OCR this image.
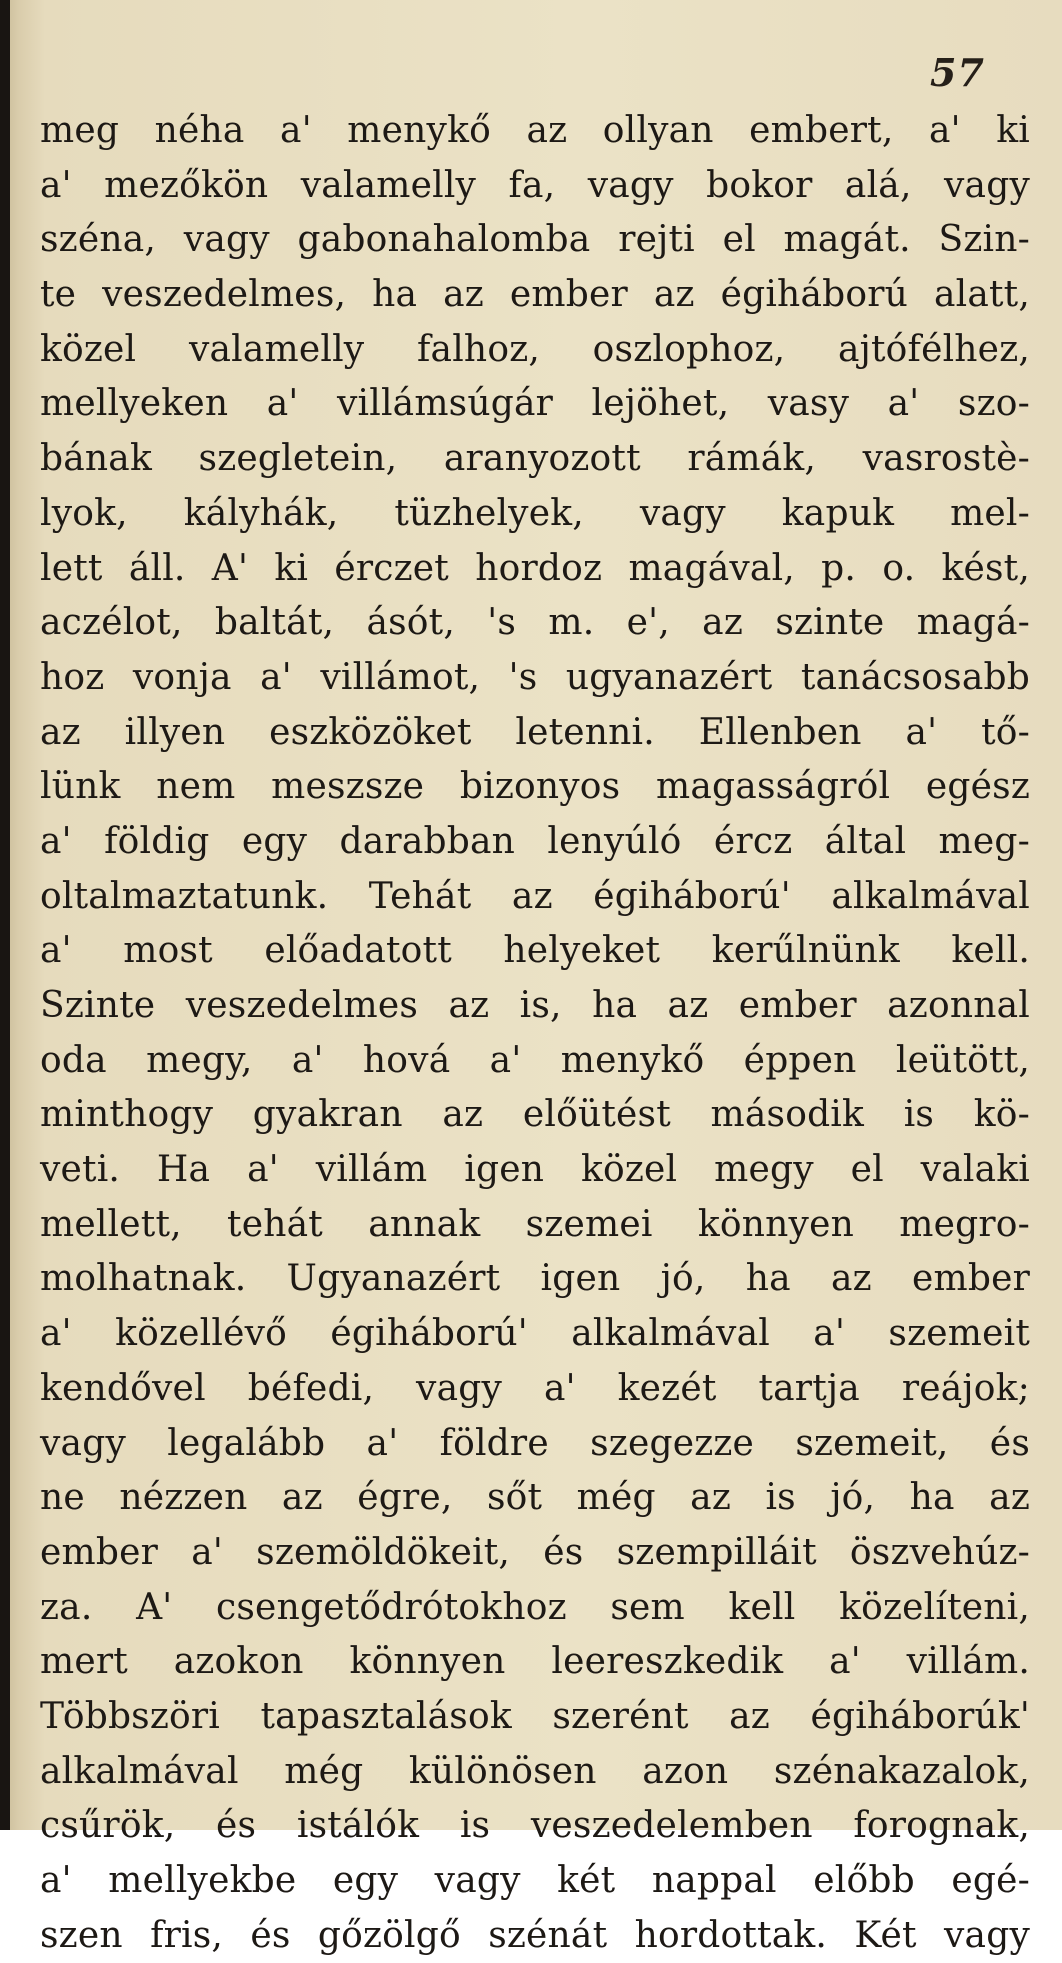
57
meg néha a' menykő az ollyan embert, a' ki
a' mezőkön valamelly fa, vagy bokor alá, vagy
széna, vagy gabonahalomba rejti el magát. Szin-
te veszedelmes, ha az ember az égiháború alatt,
közel valamelly falhoz, oszlophoz, ajtófélhez,
mellyeken a' villámsúgár lejöhet, vasy a' szo-
bának szegletein, aranyozott rámák, vasrostè-
lyok, kályhák, tüzhelyek, vagy kapuk mel-
lett áll. A' ki érczet hordoz magával, p. o. kést,
aczélot, baltát, ásót, 's m. e', az szinte magá-
hoz vonja a' villámot, 's ugyanazért tanácsosabb
az illyen eszközöket letenni. Ellenben a' tő-
lünk nem meszsze bizonyos magasságról egész
a' földig egy darabban lenyúló ércz által meg-
oltalmaztatunk. Tehát az égiháború' alkalmával
a' most előadatott helyeket kerűlnünk kell.
Szinte veszedelmes az is, ha az ember azonnal
oda megy, a' hová a' menykő éppen leütött,
minthogy gyakran az előütést második is kö-
veti. Ha a' villám igen közel megy el valaki
mellett, tehát annak szemei könnyen megro-
molhatnak. Ugyanazért igen jó, ha az ember
a' közellévő égiháború' alkalmával a' szemeit
kendővel béfedi, vagy a' kezét tartja reájok;
vagy legalább a' földre szegezze szemeit, és
ne nézzen az égre, sőt még az is jó, ha az
ember a' szemöldökeit, és szempilláit öszvehúz-
za. A' csengetődrótokhoz sem kell közelíteni,
mert azokon könnyen leereszkedik a' villám.
Többszöri tapasztalások szerént az égiháborúk'
alkalmával még különösen azon szénakazalok,
csűrök, és istálók is veszedelemben forognak,
a' mellyekbe egy vagy két nappal előbb egé-
szen fris, és gőzölgő szénát hordottak. Két vagy
